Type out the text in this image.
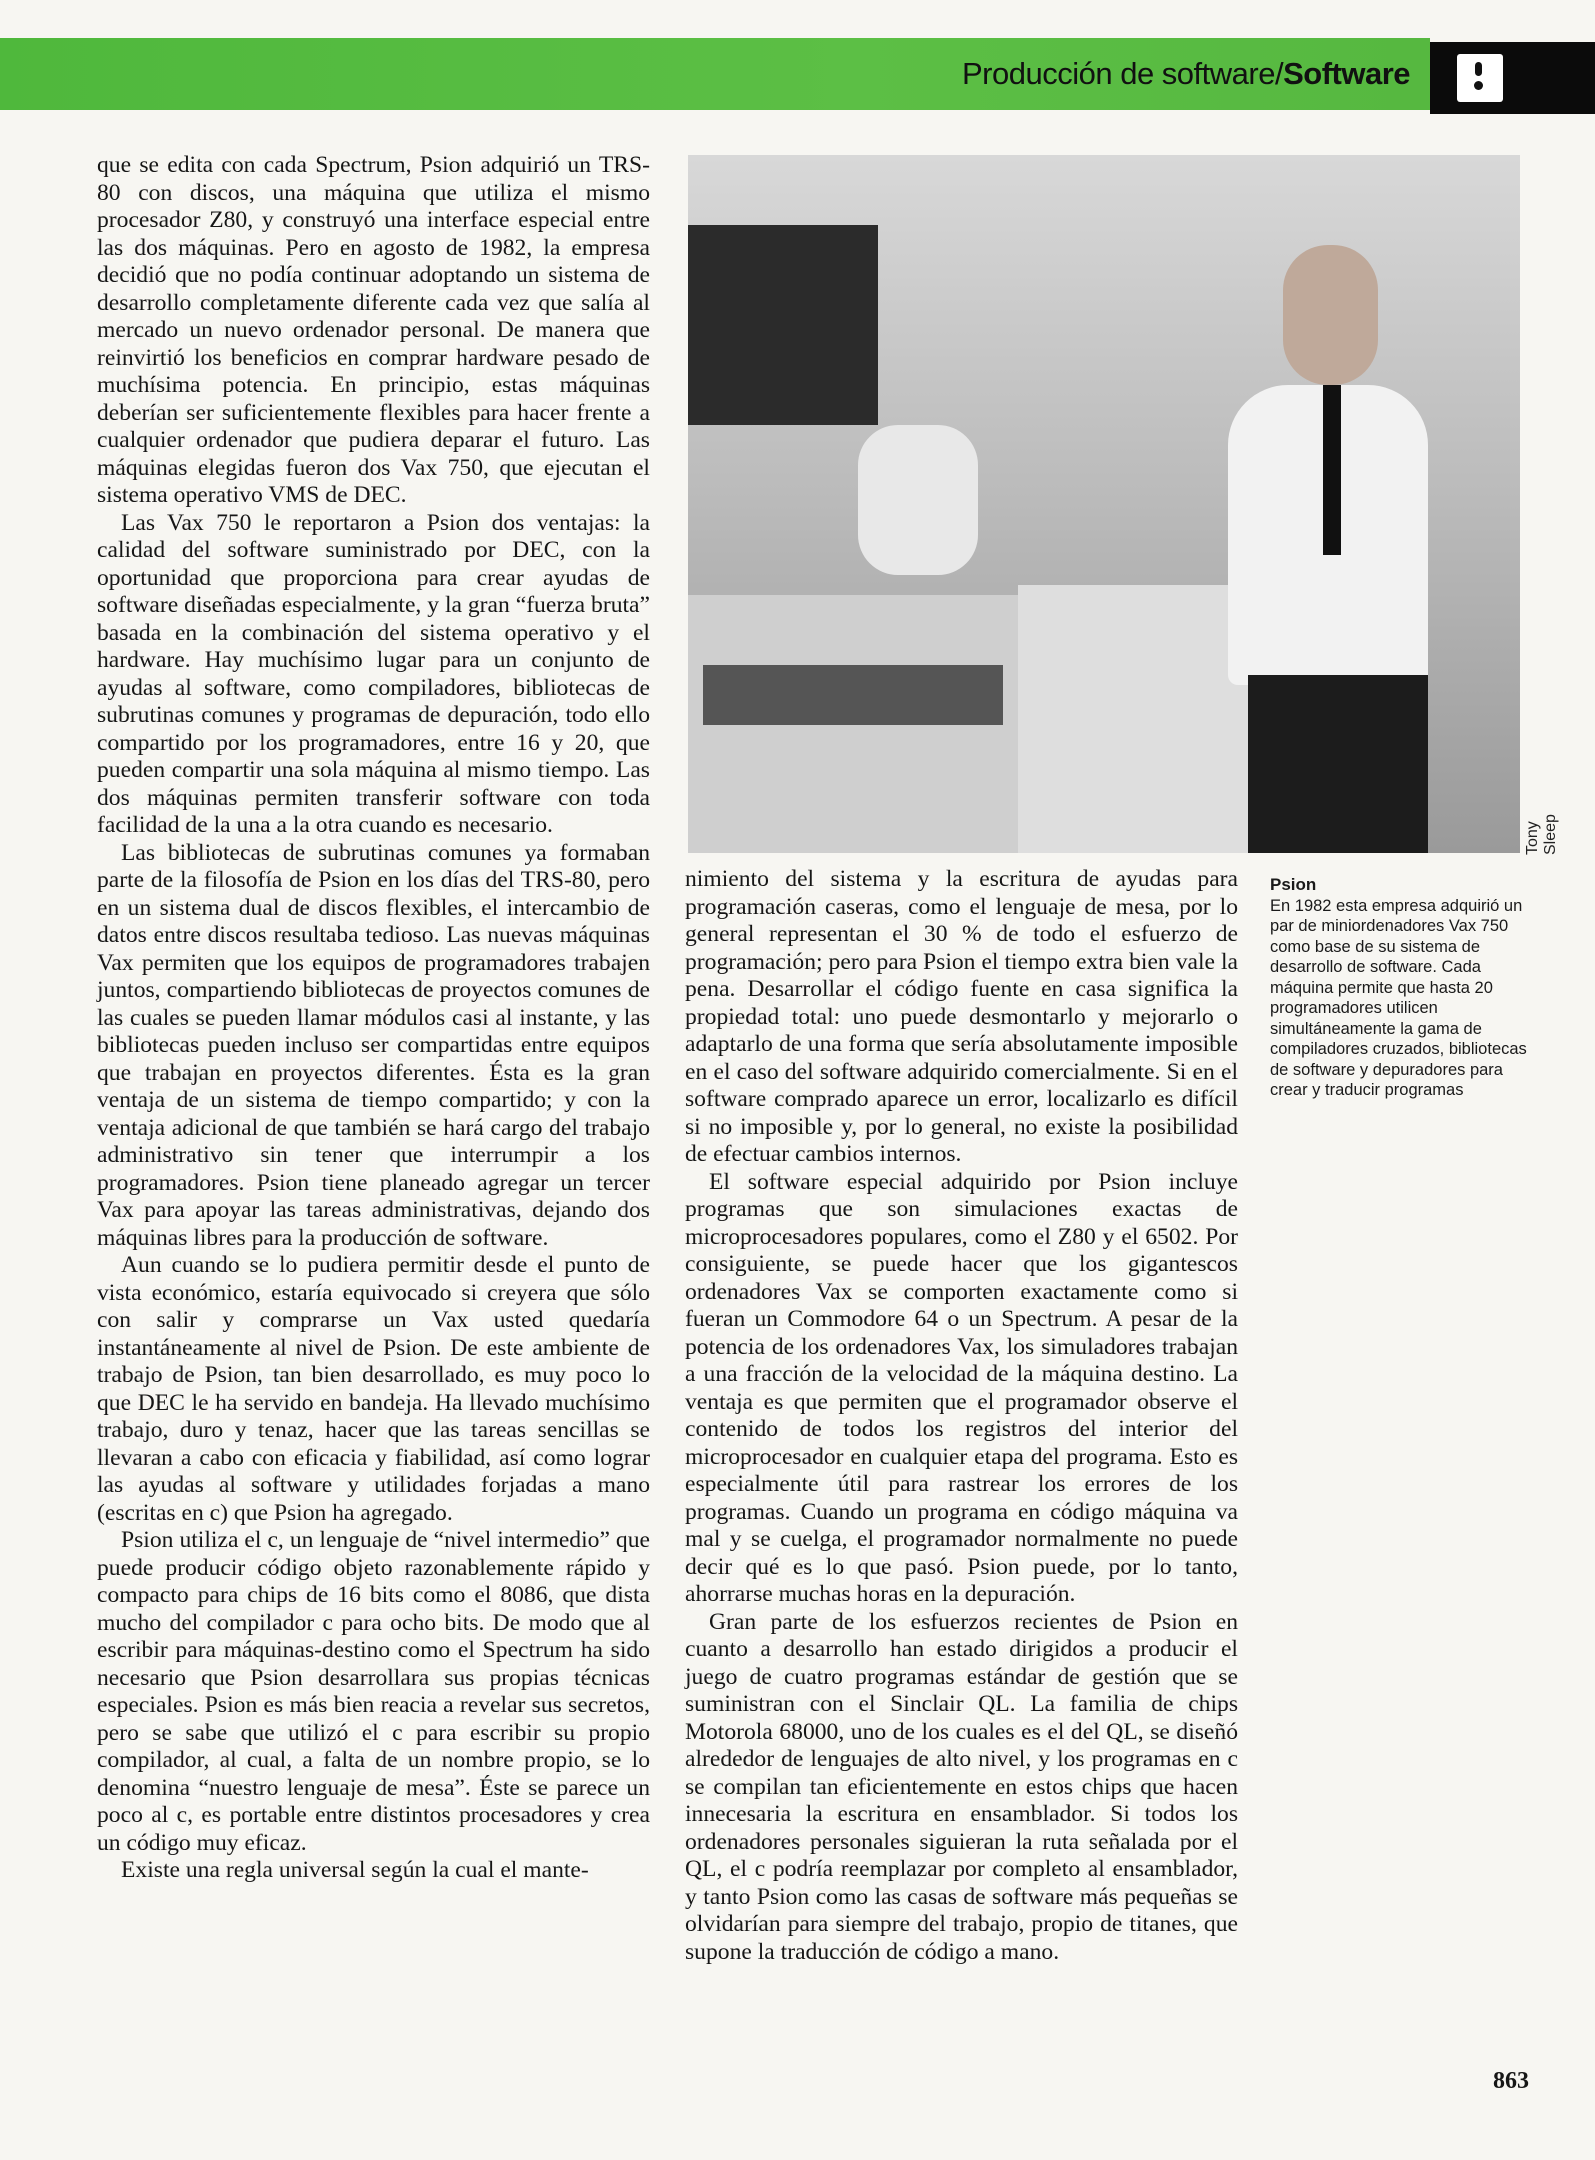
Producción de software/Software

que se edita con cada Spectrum, Psion adquirió un TRS-80 con discos, una máquina que utiliza el mismo procesador Z80, y construyó una interface especial entre las dos máquinas. Pero en agosto de 1982, la empresa decidió que no podía continuar adoptando un sistema de desarrollo completamente diferente cada vez que salía al mercado un nuevo ordenador personal. De manera que reinvirtió los beneficios en comprar hardware pesado de muchísima potencia. En principio, estas máquinas deberían ser suficientemente flexibles para hacer frente a cualquier ordenador que pudiera deparar el futuro. Las máquinas elegidas fueron dos Vax 750, que ejecutan el sistema operativo VMS de DEC.

Las Vax 750 le reportaron a Psion dos ventajas: la calidad del software suministrado por DEC, con la oportunidad que proporciona para crear ayudas de software diseñadas especialmente, y la gran “fuerza bruta” basada en la combinación del sistema operativo y el hardware. Hay muchísimo lugar para un conjunto de ayudas al software, como compiladores, bibliotecas de subrutinas comunes y programas de depuración, todo ello compartido por los programadores, entre 16 y 20, que pueden compartir una sola máquina al mismo tiempo. Las dos máquinas permiten transferir software con toda facilidad de la una a la otra cuando es necesario.

Las bibliotecas de subrutinas comunes ya formaban parte de la filosofía de Psion en los días del TRS-80, pero en un sistema dual de discos flexibles, el intercambio de datos entre discos resultaba tedioso. Las nuevas máquinas Vax permiten que los equipos de programadores trabajen juntos, compartiendo bibliotecas de proyectos comunes de las cuales se pueden llamar módulos casi al instante, y las bibliotecas pueden incluso ser compartidas entre equipos que trabajan en proyectos diferentes. Ésta es la gran ventaja de un sistema de tiempo compartido; y con la ventaja adicional de que también se hará cargo del trabajo administrativo sin tener que interrumpir a los programadores. Psion tiene planeado agregar un tercer Vax para apoyar las tareas administrativas, dejando dos máquinas libres para la producción de software.

Aun cuando se lo pudiera permitir desde el punto de vista económico, estaría equivocado si creyera que sólo con salir y comprarse un Vax usted quedaría instantáneamente al nivel de Psion. De este ambiente de trabajo de Psion, tan bien desarrollado, es muy poco lo que DEC le ha servido en bandeja. Ha llevado muchísimo trabajo, duro y tenaz, hacer que las tareas sencillas se llevaran a cabo con eficacia y fiabilidad, así como lograr las ayudas al software y utilidades forjadas a mano (escritas en c) que Psion ha agregado.

Psion utiliza el c, un lenguaje de “nivel intermedio” que puede producir código objeto razonablemente rápido y compacto para chips de 16 bits como el 8086, que dista mucho del compilador c para ocho bits. De modo que al escribir para máquinas-destino como el Spectrum ha sido necesario que Psion desarrollara sus propias técnicas especiales. Psion es más bien reacia a revelar sus secretos, pero se sabe que utilizó el c para escribir su propio compilador, al cual, a falta de un nombre propio, se lo denomina “nuestro lenguaje de mesa”. Éste se parece un poco al c, es portable entre distintos procesadores y crea un código muy eficaz.

Existe una regla universal según la cual el mante-

Tony Sleep
Psion
En 1982 esta empresa adquirió un par de miniordenadores Vax 750 como base de su sistema de desarrollo de software. Cada máquina permite que hasta 20 programadores utilicen simultáneamente la gama de compiladores cruzados, bibliotecas de software y depuradores para crear y traducir programas

nimiento del sistema y la escritura de ayudas para programación caseras, como el lenguaje de mesa, por lo general representan el 30 % de todo el esfuerzo de programación; pero para Psion el tiempo extra bien vale la pena. Desarrollar el código fuente en casa significa la propiedad total: uno puede desmontarlo y mejorarlo o adaptarlo de una forma que sería absolutamente imposible en el caso del software adquirido comercialmente. Si en el software comprado aparece un error, localizarlo es difícil si no imposible y, por lo general, no existe la posibilidad de efectuar cambios internos.

El software especial adquirido por Psion incluye programas que son simulaciones exactas de microprocesadores populares, como el Z80 y el 6502. Por consiguiente, se puede hacer que los gigantescos ordenadores Vax se comporten exactamente como si fueran un Commodore 64 o un Spectrum. A pesar de la potencia de los ordenadores Vax, los simuladores trabajan a una fracción de la velocidad de la máquina destino. La ventaja es que permiten que el programador observe el contenido de todos los registros del interior del microprocesador en cualquier etapa del programa. Esto es especialmente útil para rastrear los errores de los programas. Cuando un programa en código máquina va mal y se cuelga, el programador normalmente no puede decir qué es lo que pasó. Psion puede, por lo tanto, ahorrarse muchas horas en la depuración.

Gran parte de los esfuerzos recientes de Psion en cuanto a desarrollo han estado dirigidos a producir el juego de cuatro programas estándar de gestión que se suministran con el Sinclair QL. La familia de chips Motorola 68000, uno de los cuales es el del QL, se diseñó alrededor de lenguajes de alto nivel, y los programas en c se compilan tan eficientemente en estos chips que hacen innecesaria la escritura en ensamblador. Si todos los ordenadores personales siguieran la ruta señalada por el QL, el c podría reemplazar por completo al ensamblador, y tanto Psion como las casas de software más pequeñas se olvidarían para siempre del trabajo, propio de titanes, que supone la traducción de código a mano.

863
